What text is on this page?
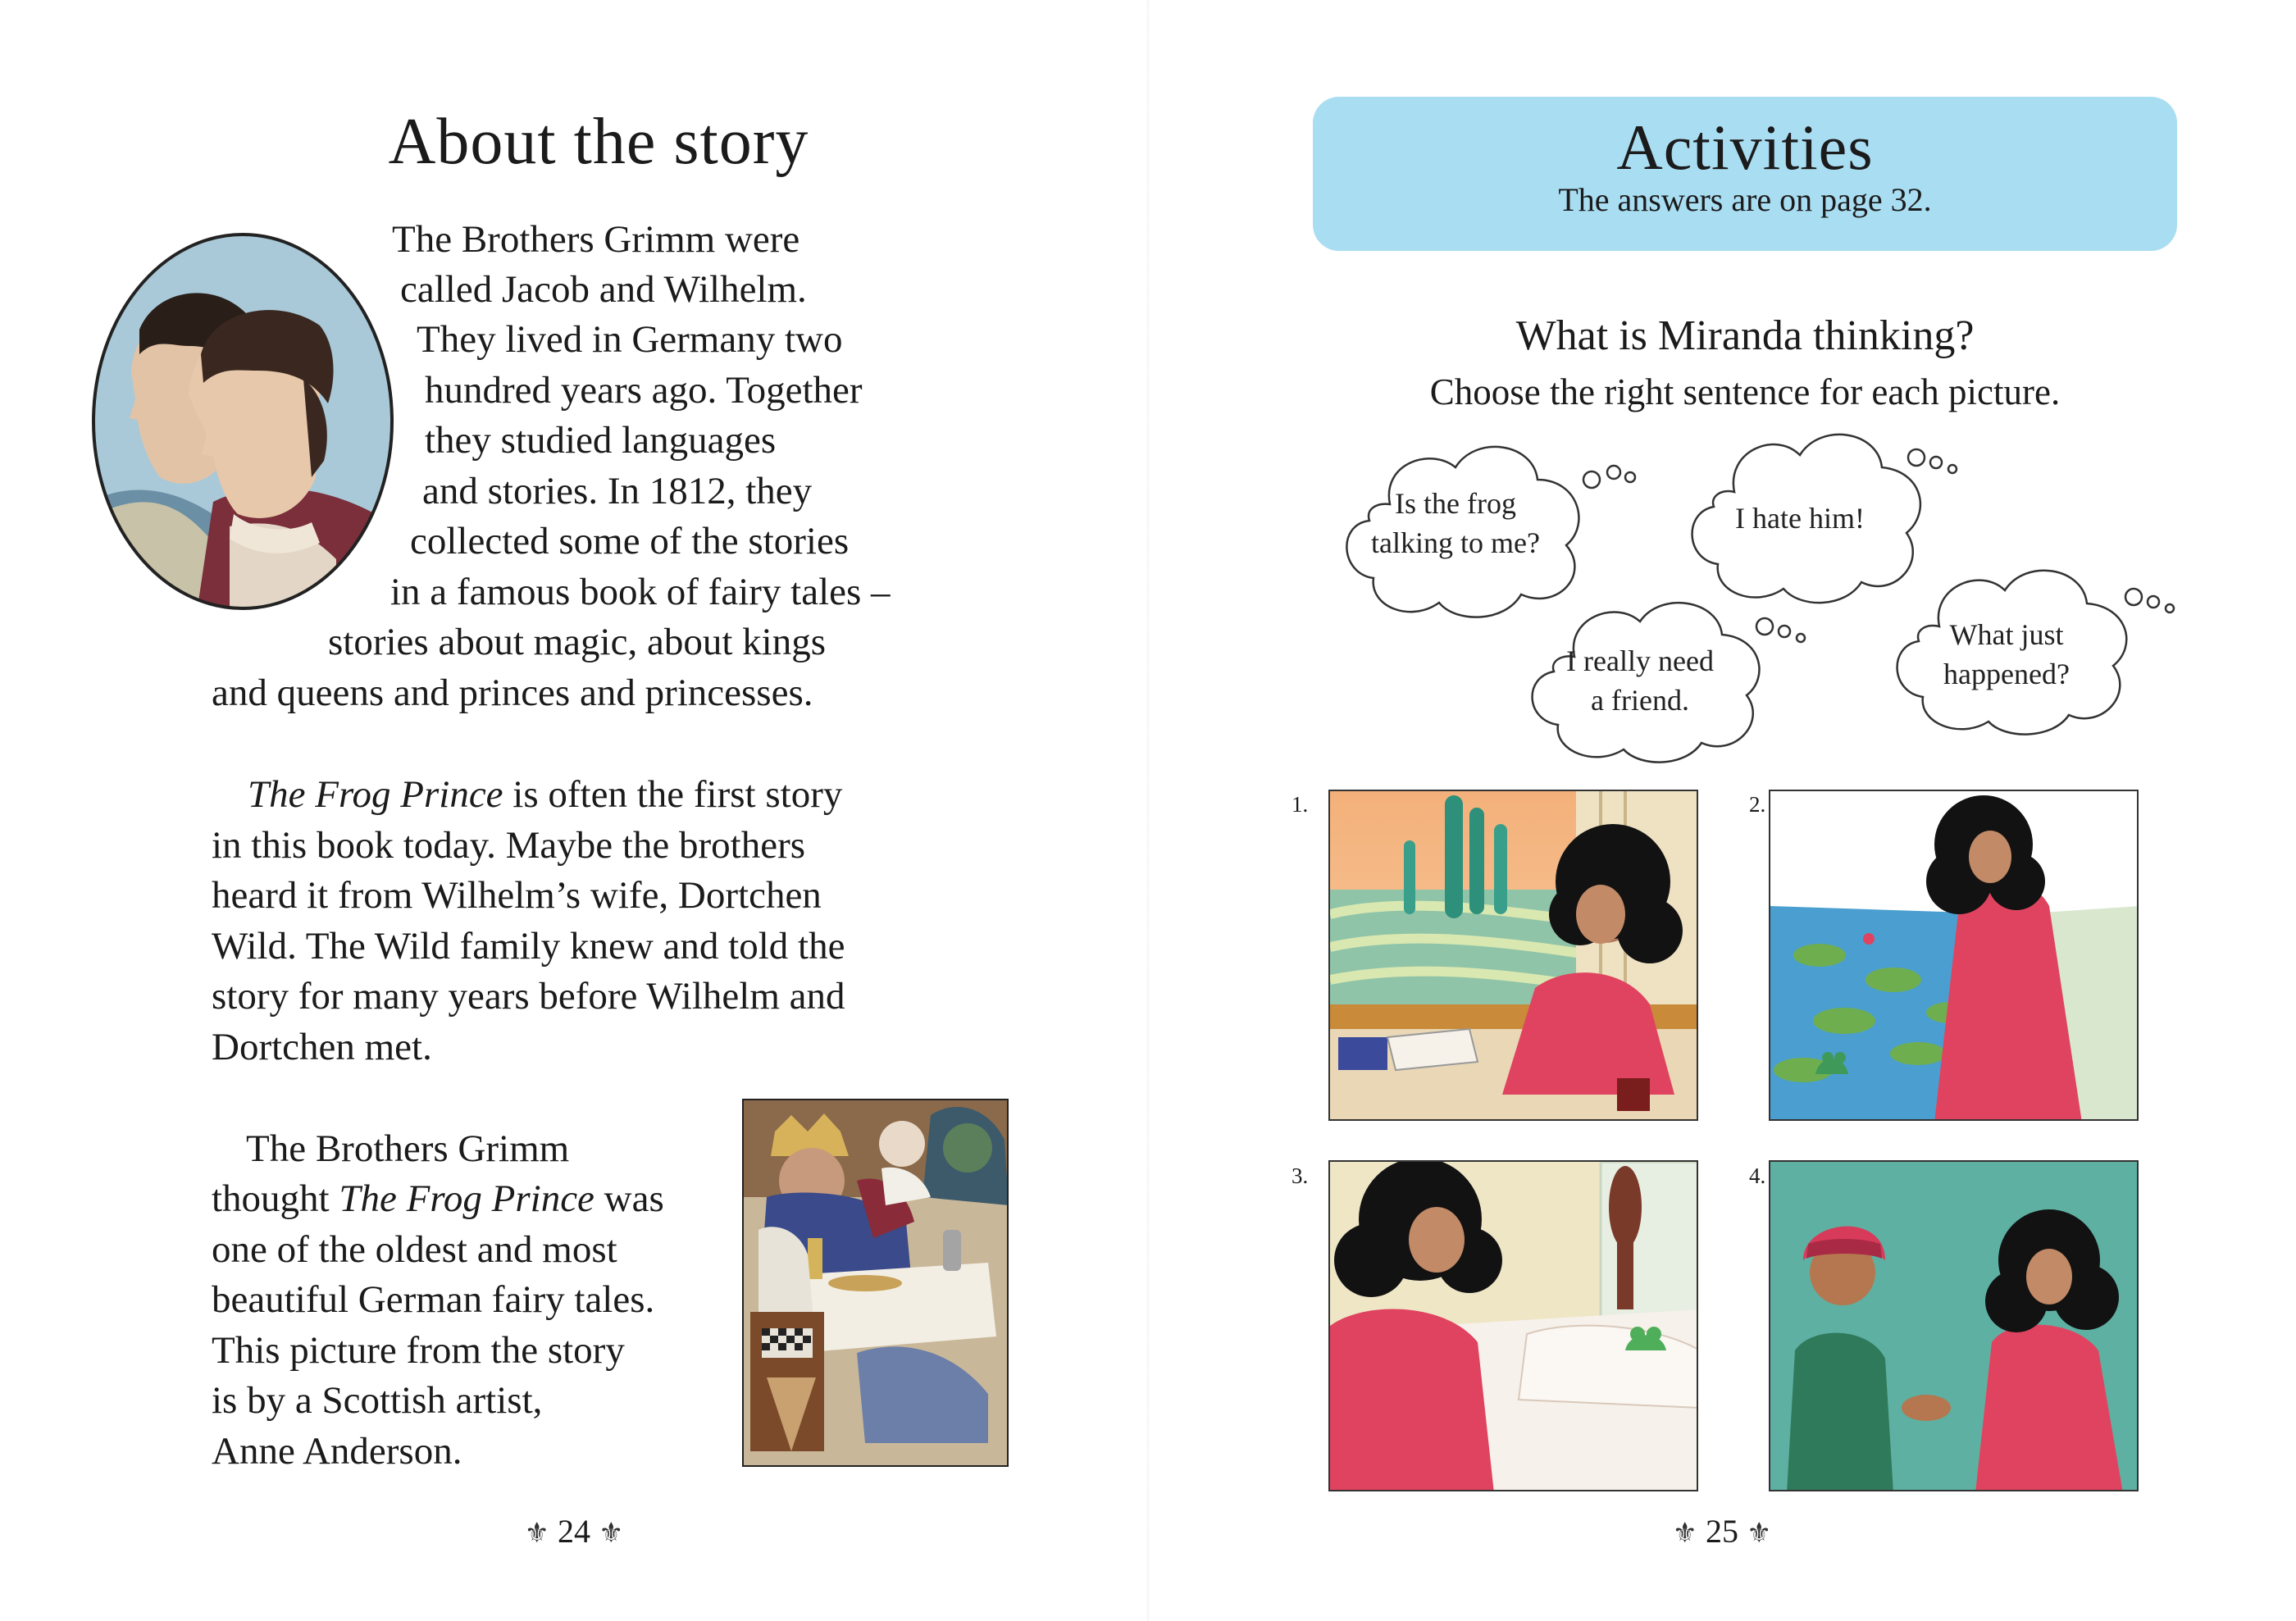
About the story
The Brothers Grimm were
called Jacob and Wilhelm.
They lived in Germany two
hundred years ago. Together
they studied languages
and stories. In 1812, they
collected some of the stories
in a famous book of fairy tales –
stories about magic, about kings
and queens and princes and princesses.
The Frog Prince is often the first story
in this book today. Maybe the brothers
heard it from Wilhelm’s wife, Dortchen
Wild. The Wild family knew and told the
story for many years before Wilhelm and
Dortchen met.
The Brothers Grimm
thought The Frog Prince was
one of the oldest and most
beautiful German fairy tales.
This picture from the story
is by a Scottish artist,
Anne Anderson.
⚜ 24 ⚜
Activities
The answers are on page 32.
What is Miranda thinking?
Choose the right sentence for each picture.
Is the frog
talking to me?
I hate him!
I really need
a friend.
What just
happened?
1.	2.
3.	4.
⚜ 25 ⚜
